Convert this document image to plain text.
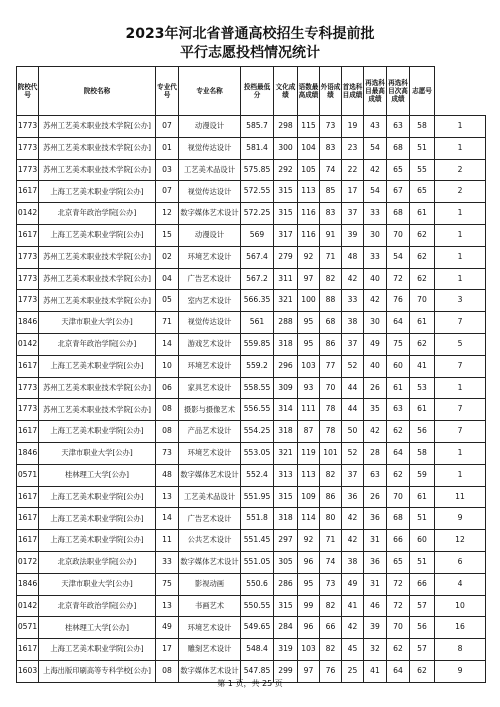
2023年河北省普通高校招生专科提前批
平行志愿投档情况统计
院校代号	院校名称	专业代号	专业名称	投档最低分	文化成绩	语数最高成绩	外语成绩	首选科目成绩	再选科目最高成绩	再选科目次高成绩	志愿号	
1773	苏州工艺美术职业技术学院[公办]	07	动漫设计	585.7	298	115	73	19	43	63	58	1
1773	苏州工艺美术职业技术学院[公办]	01	视觉传达设计	581.4	300	104	83	23	54	68	51	1
1773	苏州工艺美术职业技术学院[公办]	03	工艺美术品设计	575.85	292	105	74	22	42	65	55	2
1617	上海工艺美术职业学院[公办]	07	视觉传达设计	572.55	315	113	85	17	54	67	65	2
0142	北京青年政治学院[公办]	12	数字媒体艺术设计	572.25	315	116	83	37	33	68	61	1
1617	上海工艺美术职业学院[公办]	15	动漫设计	569	317	116	91	39	30	70	62	1
1773	苏州工艺美术职业技术学院[公办]	02	环境艺术设计	567.4	279	92	71	48	33	54	62	1
1773	苏州工艺美术职业技术学院[公办]	04	广告艺术设计	567.2	311	97	82	42	40	72	62	1
1773	苏州工艺美术职业技术学院[公办]	05	室内艺术设计	566.35	321	100	88	33	42	76	70	3
1846	天津市职业大学[公办]	71	视觉传达设计	561	288	95	68	38	30	64	61	7
0142	北京青年政治学院[公办]	14	游戏艺术设计	559.85	318	95	86	37	49	75	62	5
1617	上海工艺美术职业学院[公办]	10	环境艺术设计	559.2	296	103	77	52	40	60	41	7
1773	苏州工艺美术职业技术学院[公办]	06	家具艺术设计	558.55	309	93	70	44	26	61	53	1
1773	苏州工艺美术职业技术学院[公办]	08	摄影与摄像艺术	556.55	314	111	78	44	35	63	61	7
1617	上海工艺美术职业学院[公办]	08	产品艺术设计	554.25	318	87	78	50	42	62	56	7
1846	天津市职业大学[公办]	73	环境艺术设计	553.05	321	119	101	52	28	64	58	1
0571	桂林理工大学[公办]	48	数字媒体艺术设计	552.4	313	113	82	37	63	62	59	1
1617	上海工艺美术职业学院[公办]	13	工艺美术品设计	551.95	315	109	86	36	26	70	61	11
1617	上海工艺美术职业学院[公办]	14	广告艺术设计	551.8	318	114	80	42	36	68	51	9
1617	上海工艺美术职业学院[公办]	11	公共艺术设计	551.45	297	92	71	42	31	66	60	12
0172	北京政法职业学院[公办]	33	数字媒体艺术设计	551.05	305	96	74	38	36	65	51	6
1846	天津市职业大学[公办]	75	影视动画	550.6	286	95	73	49	31	72	66	4
0142	北京青年政治学院[公办]	13	书画艺术	550.55	315	99	82	41	46	72	57	10
0571	桂林理工大学[公办]	49	环境艺术设计	549.65	284	96	66	42	39	70	56	16
1617	上海工艺美术职业学院[公办]	17	雕刻艺术设计	548.4	319	103	82	45	32	62	57	8
1603	上海出版印刷高等专科学校[公办]	08	数字媒体艺术设计	547.85	299	97	76	25	41	64	62	9
第 1 页，共 25 页
